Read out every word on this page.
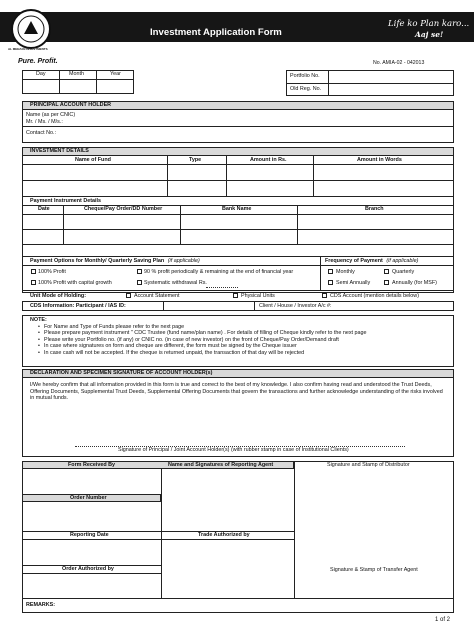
AL MEEZAN INVESTMENTS
Investment Application Form
Life ko Plan karo...
Aaj se!
Pure. Profit.	No. AMIA-02 - 042013
Day	Month	Year	Portfolio No.
Old Reg. No.
PRINCIPAL ACCOUNT HOLDER
Name (as per CNIC)
Mr. / Ms. / M/s.:
Contact No.:
INVESTMENT DETAILS
Name of Fund	Type	Amount in Rs.	Amount in Words
Payment Instrument Details
Date	Cheque/Pay Order/DD Number	Bank Name	Branch
Payment Options for Monthly/ Quarterly Saving Plan (if applicable)
100% Profit	90 % profit periodically & remaining at the end of financial year
100% Profit with capital growth	Systematic withdrawal Rs.
Frequency of Payment (if applicable)
Monthly	Quarterly
Semi Annually	Annually (for MSF)
Unit Mode of Holding:	Account Statement	Physical Units	CDS Account (mention details below)
CDS Information: Participant / IAS ID:	Client / House / Investor A/c #:
NOTE:
• For Name and Type of Funds please refer to the next page
• Please prepare payment instrument " CDC Trustee (fund name/plan name) . For details of filling of Cheque kindly refer to the next page
• Please write your Portfolio no. (if any) or CNIC no. (in case of new investor) on the front of Cheque/Pay Order/Demand draft
• In case where signatures on form and cheque are different, the form must be signed by the Cheque issuer
• In case cash will not be accepted. If the cheque is returned unpaid, the transaction of that day will be rejected
DECLARATION AND SPECIMEN SIGNATURE OF ACCOUNT HOLDER(s)
I/We hereby confirm that all information provided in this form is true and correct to the best of my knowledge. I also confirm having read and understood the Trust Deeds, Offering Documents, Supplemental Trust Deeds, Supplemental Offering Documents that govern the transactions and further acknowledge understanding of the risks involved in mutual funds.
Signature of Principal / Joint Account Holder(s) (with rubber stamp in case of Institutional Clients)
Form Received By	Name and Signatures of Reporting Agent	Signature and Stamp of Distributor
Order Number
Reporting Date	Trade Authorized by
Signature & Stamp of Transfer Agent
Order Authorized by
REMARKS:
1 of 2
